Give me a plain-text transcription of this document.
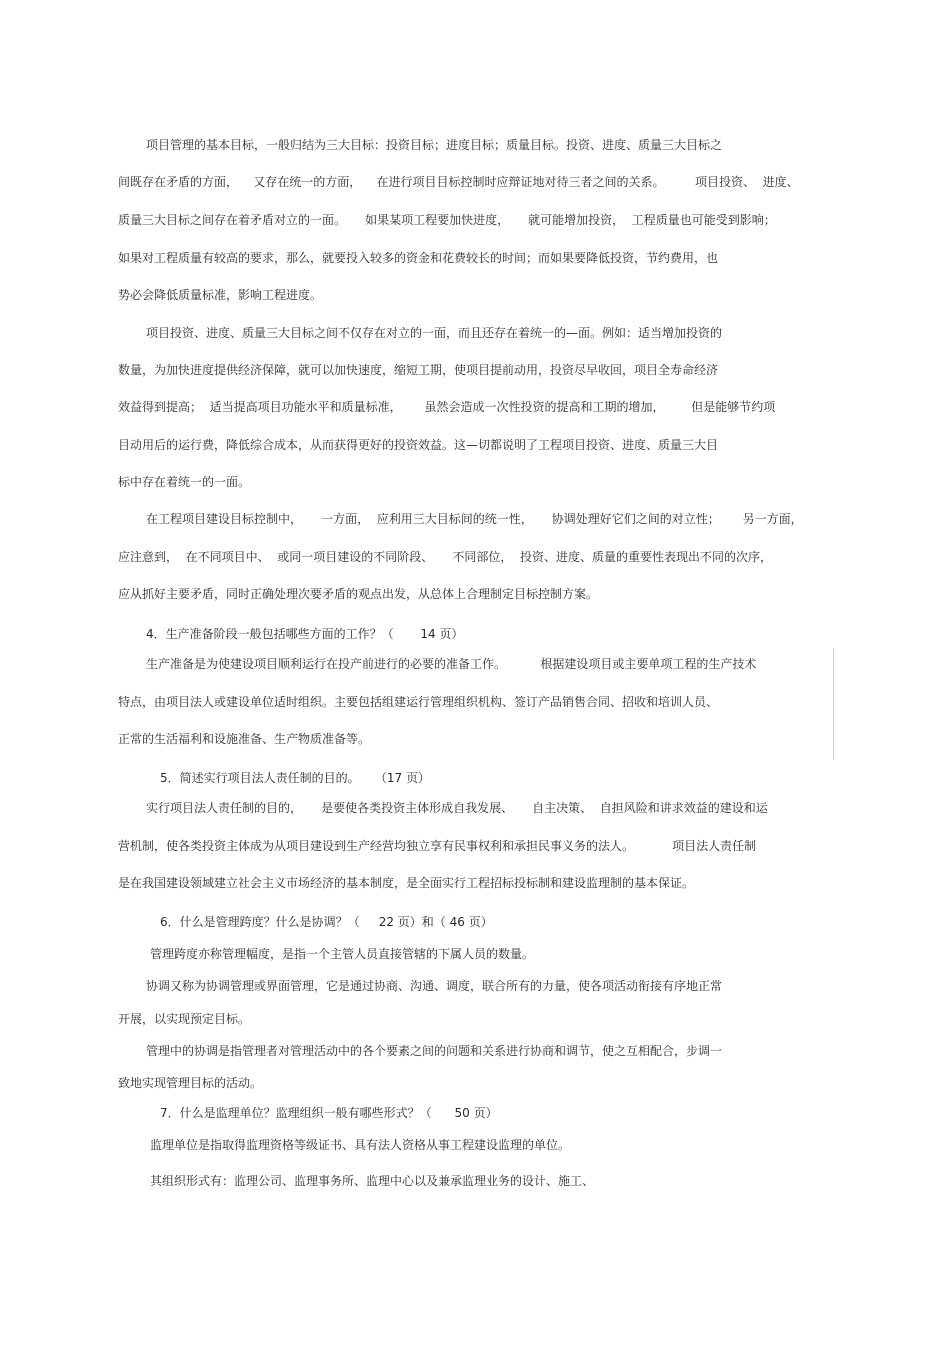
项目管理的基本目标，一般归结为三大目标：投资目标；进度目标；质量目标。投资、进度、质量三大目标之
间既存在矛盾的方面，    又存在统一的方面，    在进行项目目标控制时应辩证地对待三者之间的关系。        项目投资、  进度、
质量三大目标之间存在着矛盾对立的一面。     如果某项工程要加快进度，     就可能增加投资，  工程质量也可能受到影响；
如果对工程质量有较高的要求，那么，就要投入较多的资金和花费较长的时间；而如果要降低投资，节约费用，也
势必会降低质量标准，影响工程进度。
项目投资、进度、质量三大目标之间不仅存在对立的一面，而且还存在着统一的—面。例如：适当增加投资的
数量，为加快进度提供经济保障，就可以加快速度，缩短工期，使项目提前动用，投资尽早收回，项目全寿命经济
效益得到提高；  适当提高项目功能水平和质量标准，      虽然会造成一次性投资的提高和工期的增加，       但是能够节约项
目动用后的运行费，降低综合成本，从而获得更好的投资效益。这—切都说明了工程项目投资、进度、质量三大目
标中存在着统一的一面。
在工程项目建设目标控制中，     一方面，  应利用三大目标间的统一性，     协调处理好它们之间的对立性；      另一方面，
应注意到，  在不同项目中、  或同一项目建设的不同阶段、     不同部位，  投资、进度、质量的重要性表现出不同的次序，
应从抓好主要矛盾，同时正确处理次要矛盾的观点出发，从总体上合理制定目标控制方案。
4．生产准备阶段一般包括哪些方面的工作？（       14 页）
生产准备是为使建设项目顺利运行在投产前进行的必要的准备工作。         根据建设项目或主要单项工程的生产技术
特点，由项目法人或建设单位适时组织。主要包括组建运行管理组织机构、签订产品销售合同、招收和培训人员、
正常的生活福利和设施准备、生产物质准备等。
5．简述实行项目法人责任制的目的。    （17 页）
实行项目法人责任制的目的，     是要使各类投资主体形成自我发展、     自主决策、  自担风险和讲求效益的建设和运
营机制，使各类投资主体成为从项目建设到生产经营均独立享有民事权利和承担民事义务的法人。          项目法人责任制
是在我国建设领域建立社会主义市场经济的基本制度，是全面实行工程招标投标制和建设监理制的基本保证。
6．什么是管理跨度？什么是协调？（     22 页）和（ 46 页）
管理跨度亦称管理幅度，是指一个主管人员直接管辖的下属人员的数量。
协调又称为协调管理或界面管理，它是通过协商、沟通、调度，联合所有的力量，使各项活动衔接有序地正常
开展，以实现预定目标。
管理中的协调是指管理者对管理活动中的各个要素之间的问题和关系进行协商和调节，使之互相配合，步调一
致地实现管理目标的活动。
7．什么是监理单位？监理组织一般有哪些形式？（      50 页）
监理单位是指取得监理资格等级证书、具有法人资格从事工程建设监理的单位。
其组织形式有：监理公司、监理事务所、监理中心以及兼承监理业务的设计、施工、
